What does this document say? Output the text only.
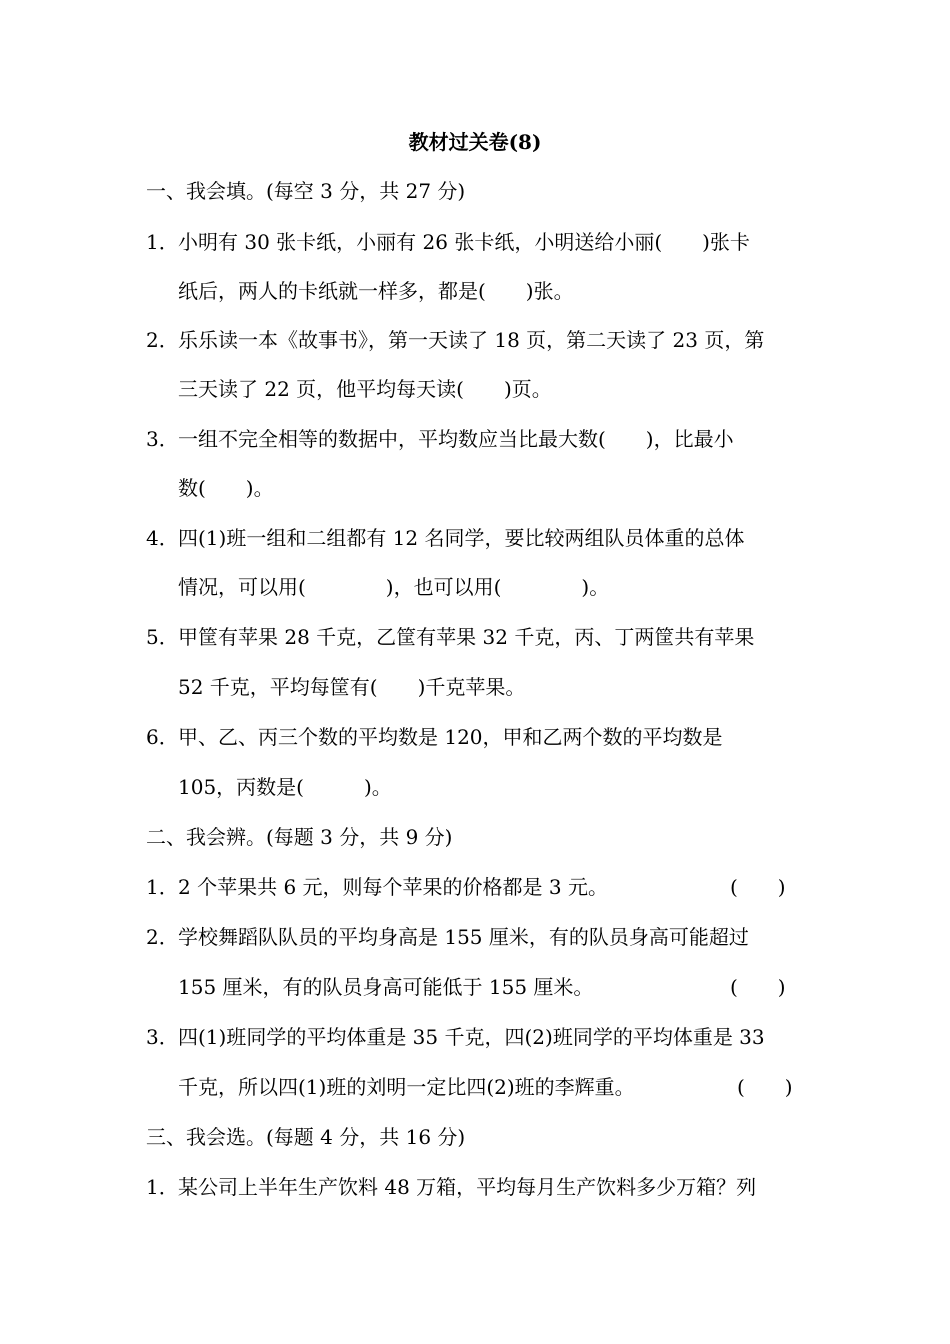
教材过关卷(8)
一、我会填。(每空 3 分，共 27 分)
1．小明有 30 张卡纸，小丽有 26 张卡纸，小明送给小丽(　　)张卡
纸后，两人的卡纸就一样多，都是(　　)张。
2．乐乐读一本《故事书》，第一天读了 18 页，第二天读了 23 页，第
三天读了 22 页，他平均每天读(　　)页。
3．一组不完全相等的数据中，平均数应当比最大数(　　)，比最小
数(　　)。
4．四(1)班一组和二组都有 12 名同学，要比较两组队员体重的总体
情况，可以用(　　　　)，也可以用(　　　　)。
5．甲筐有苹果 28 千克，乙筐有苹果 32 千克，丙、丁两筐共有苹果
52 千克，平均每筐有(　　)千克苹果。
6．甲、乙、丙三个数的平均数是 120，甲和乙两个数的平均数是
105，丙数是(　　　)。
二、我会辨。(每题 3 分，共 9 分)
1．2 个苹果共 6 元，则每个苹果的价格都是 3 元。	(　　)
2．学校舞蹈队队员的平均身高是 155 厘米，有的队员身高可能超过
155 厘米，有的队员身高可能低于 155 厘米。	(　　)
3．四(1)班同学的平均体重是 35 千克，四(2)班同学的平均体重是 33
千克，所以四(1)班的刘明一定比四(2)班的李辉重。	(　　)
三、我会选。(每题 4 分，共 16 分)
1．某公司上半年生产饮料 48 万箱，平均每月生产饮料多少万箱？列
